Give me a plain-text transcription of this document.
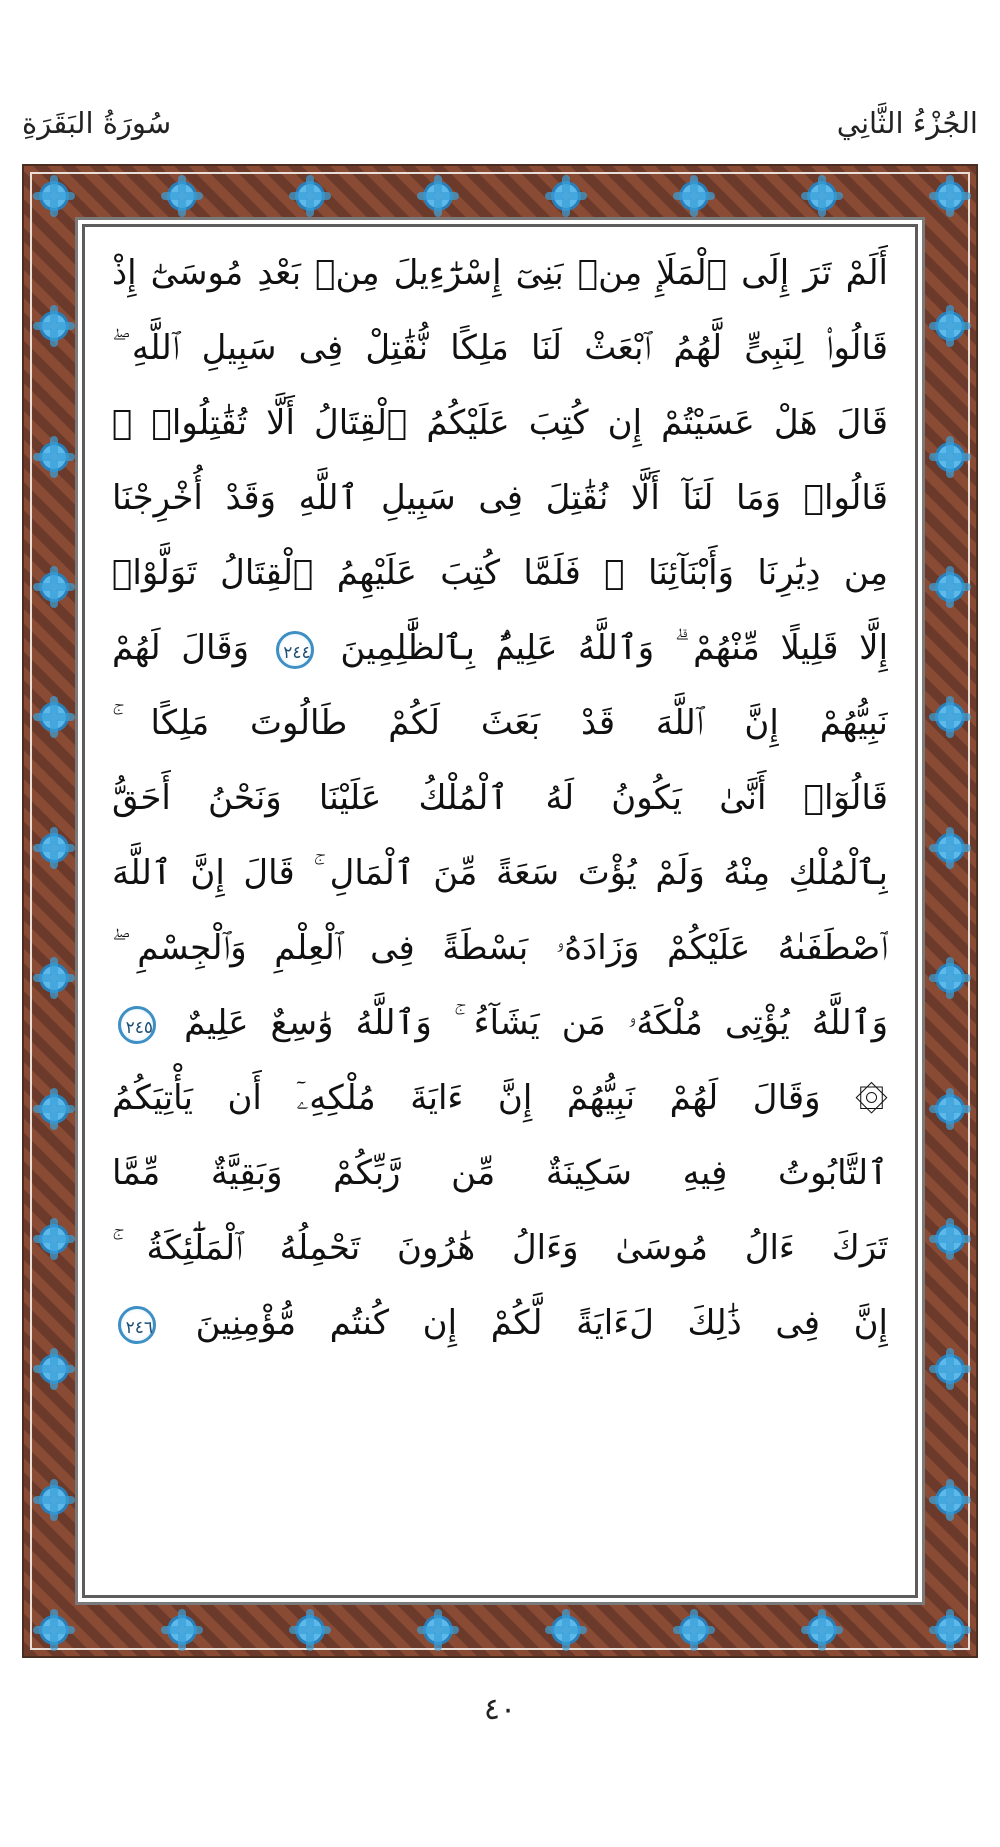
الجُزْءُ الثَّانِي
سُورَةُ البَقَرَةِ
أَلَمْ تَرَ إِلَى ٱلْمَلَإِ مِنۢ بَنِىٓ إِسْرَٰٓءِيلَ مِنۢ بَعْدِ مُوسَىٰٓ إِذْ
قَالُوا۟ لِنَبِىٍّ لَّهُمُ ٱبْعَثْ لَنَا مَلِكًا نُّقَٰتِلْ فِى سَبِيلِ ٱللَّهِ ۖ
قَالَ هَلْ عَسَيْتُمْ إِن كُتِبَ عَلَيْكُمُ ٱلْقِتَالُ أَلَّا تُقَٰتِلُوا۟ ۖ
قَالُوا۟ وَمَا لَنَآ أَلَّا نُقَٰتِلَ فِى سَبِيلِ ٱللَّهِ وَقَدْ أُخْرِجْنَا
مِن دِيَٰرِنَا وَأَبْنَآئِنَا ۖ فَلَمَّا كُتِبَ عَلَيْهِمُ ٱلْقِتَالُ تَوَلَّوْا۟
إِلَّا قَلِيلًا مِّنْهُمْ ۗ وَٱللَّهُ عَلِيمٌۢ بِٱلظَّٰلِمِينَ ٢٤٤ وَقَالَ لَهُمْ
نَبِيُّهُمْ إِنَّ ٱللَّهَ قَدْ بَعَثَ لَكُمْ طَالُوتَ مَلِكًا ۚ
قَالُوٓا۟ أَنَّىٰ يَكُونُ لَهُ ٱلْمُلْكُ عَلَيْنَا وَنَحْنُ أَحَقُّ
بِٱلْمُلْكِ مِنْهُ وَلَمْ يُؤْتَ سَعَةً مِّنَ ٱلْمَالِ ۚ قَالَ إِنَّ ٱللَّهَ
ٱصْطَفَىٰهُ عَلَيْكُمْ وَزَادَهُۥ بَسْطَةً فِى ٱلْعِلْمِ وَٱلْجِسْمِ ۖ
وَٱللَّهُ يُؤْتِى مُلْكَهُۥ مَن يَشَآءُ ۚ وَٱللَّهُ وَٰسِعٌ عَلِيمٌ ٢٤٥
۞ وَقَالَ لَهُمْ نَبِيُّهُمْ إِنَّ ءَايَةَ مُلْكِهِۦٓ أَن يَأْتِيَكُمُ
ٱلتَّابُوتُ فِيهِ سَكِينَةٌ مِّن رَّبِّكُمْ وَبَقِيَّةٌ مِّمَّا
تَرَكَ ءَالُ مُوسَىٰ وَءَالُ هَٰرُونَ تَحْمِلُهُ ٱلْمَلَٰٓئِكَةُ ۚ
إِنَّ فِى ذَٰلِكَ لَءَايَةً لَّكُمْ إِن كُنتُم مُّؤْمِنِينَ ٢٤٦
٤٠
